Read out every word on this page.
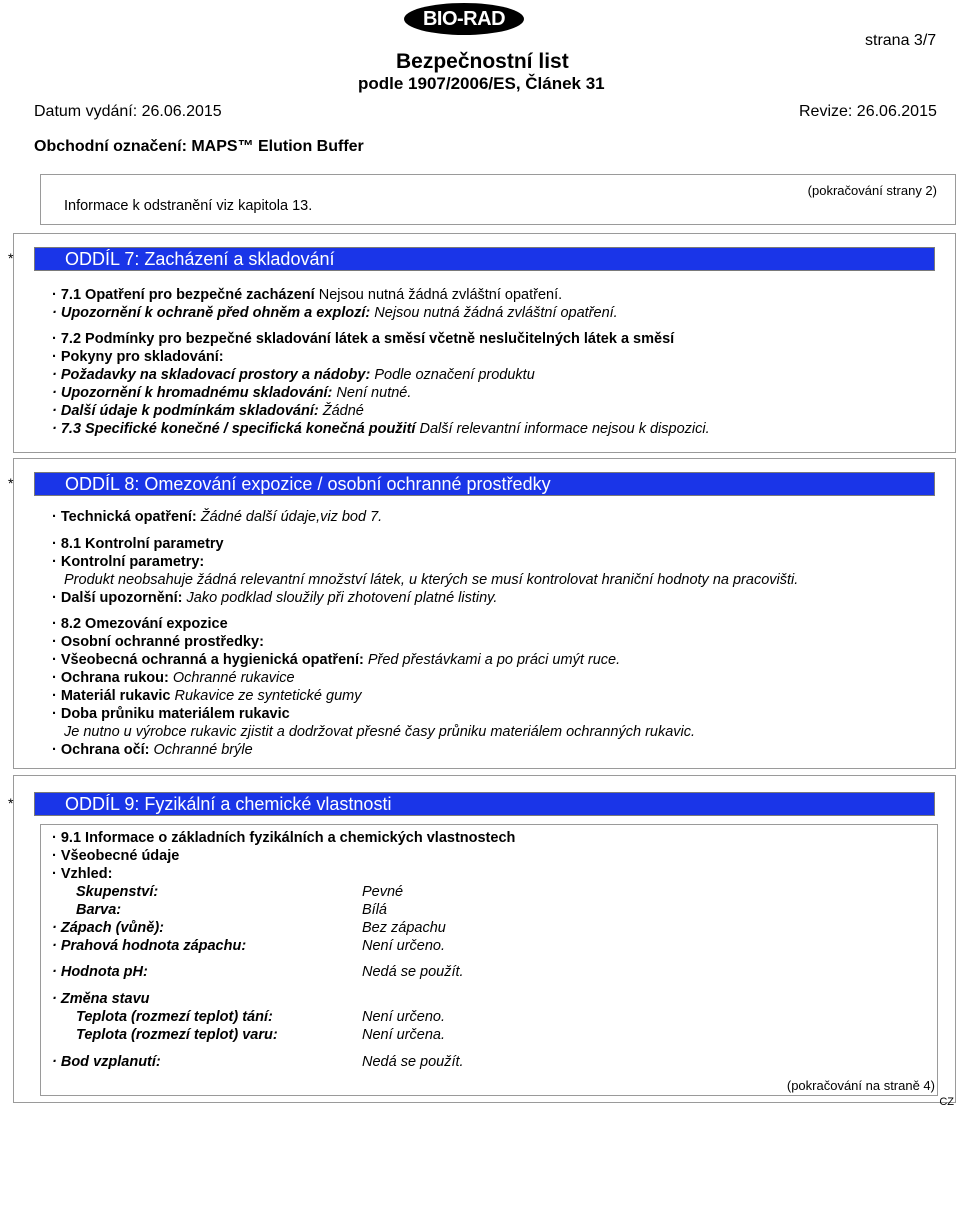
BIO-RAD
strana 3/7
Bezpečnostní list
podle 1907/2006/ES, Článek 31
Datum vydání: 26.06.2015	Revize: 26.06.2015
Obchodní označení: MAPS™ Elution Buffer
Informace k odstranění viz kapitola 13.
(pokračování strany 2)
*	ODDÍL 7: Zacházení a skladování
· 7.1 Opatření pro bezpečné zacházení Nejsou nutná žádná zvláštní opatření.
· Upozornění k ochraně před ohněm a explozí: Nejsou nutná žádná zvláštní opatření.
· 7.2 Podmínky pro bezpečné skladování látek a směsí včetně neslučitelných látek a směsí
· Pokyny pro skladování:
· Požadavky na skladovací prostory a nádoby: Podle označení produktu
· Upozornění k hromadnému skladování: Není nutné.
· Další údaje k podmínkám skladování: Žádné
· 7.3 Specifické konečné / specifická konečná použití Další relevantní informace nejsou k dispozici.
*	ODDÍL 8: Omezování expozice / osobní ochranné prostředky
· Technická opatření: Žádné další údaje,viz bod 7.
· 8.1 Kontrolní parametry
· Kontrolní parametry:
Produkt neobsahuje žádná relevantní množství látek, u kterých se musí kontrolovat hraniční hodnoty na pracovišti.
· Další upozornění: Jako podklad sloužily při zhotovení platné listiny.
· 8.2 Omezování expozice
· Osobní ochranné prostředky:
· Všeobecná ochranná a hygienická opatření: Před přestávkami a po práci umýt ruce.
· Ochrana rukou: Ochranné rukavice
· Materiál rukavic Rukavice ze syntetické gumy
· Doba průniku materiálem rukavic
Je nutno u výrobce rukavic zjistit a dodržovat přesné časy průniku materiálem ochranných rukavic.
· Ochrana očí: Ochranné brýle
*	ODDÍL 9: Fyzikální a chemické vlastnosti
· 9.1 Informace o základních fyzikálních a chemických vlastnostech
· Všeobecné údaje
· Vzhled:
Skupenství:	Pevné
Barva:	Bílá
· Zápach (vůně):	Bez zápachu
· Prahová hodnota zápachu:	Není určeno.
· Hodnota pH:	Nedá se použít.
· Změna stavu
Teplota (rozmezí teplot) tání:	Není určeno.
Teplota (rozmezí teplot) varu:	Není určena.
· Bod vzplanutí:	Nedá se použít.
(pokračování na straně 4)
CZ
